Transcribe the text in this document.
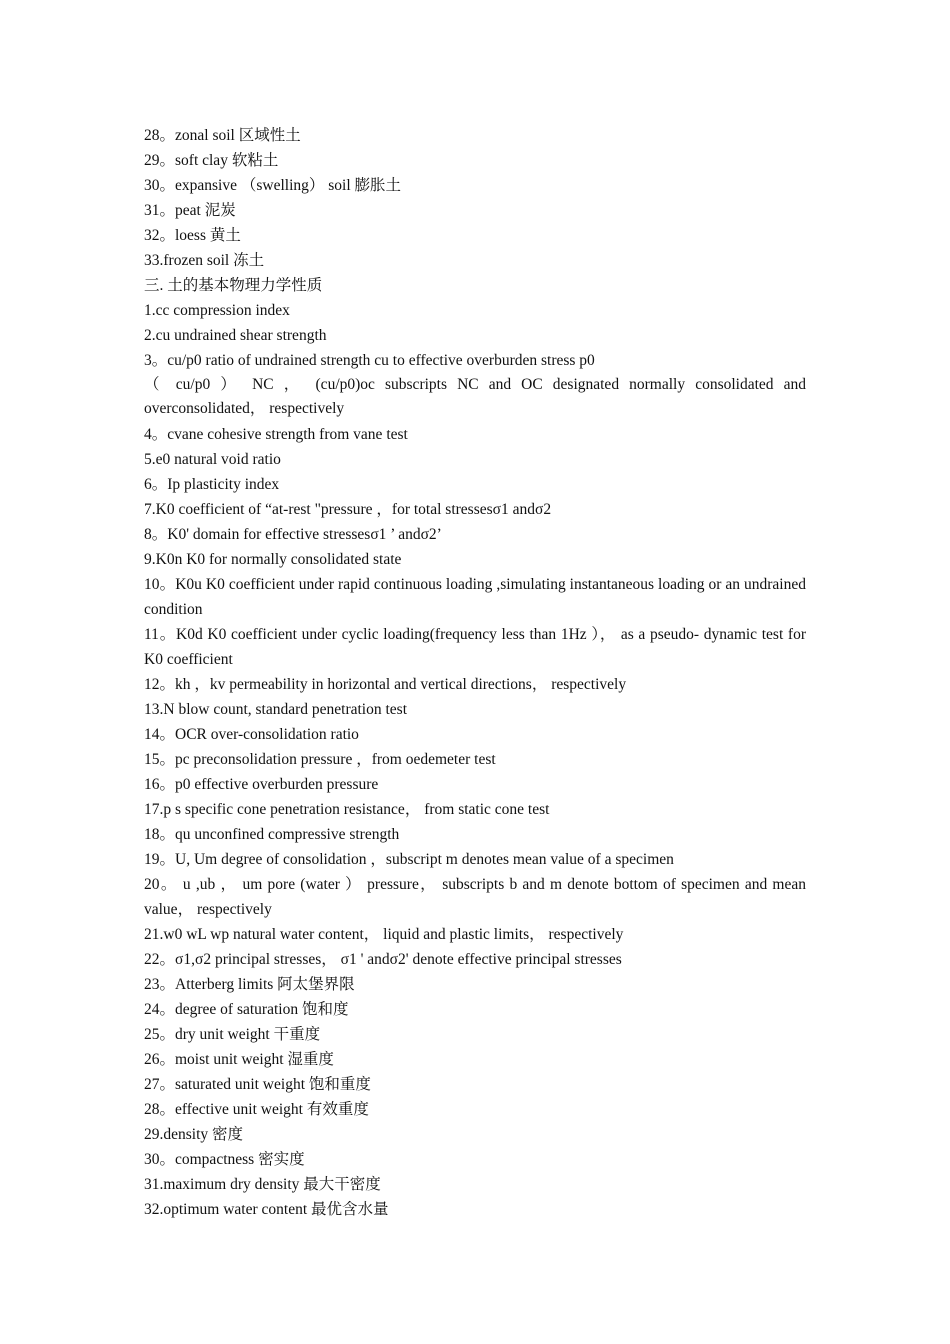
28。zonal soil 区域性土

29。soft clay 软粘土

30。expansive （swelling） soil 膨胀土

31。peat 泥炭

32。loess 黄土

33.frozen soil 冻土

三. 土的基本物理力学性质

1.cc compression index

2.cu undrained shear strength

3。cu/p0 ratio of undrained strength cu to effective overburden stress p0

（ cu/p0 ） NC ， (cu/p0)oc subscripts NC and OC designated normally consolidated and overconsolidated， respectively

4。cvane cohesive strength from vane test

5.e0 natural void ratio

6。Ip plasticity index

7.K0 coefficient of “at-rest "pressure ，for total stressesσ1 andσ2

8。K0' domain for effective stressesσ1 ’ andσ2’

9.K0n K0 for normally consolidated state

10。K0u K0 coefficient under rapid continuous loading ,simulating instantaneous loading or an undrained condition

11。K0d K0 coefficient under cyclic loading(frequency less than 1Hz ）， as a pseudo- dynamic test for K0 coefficient

12。kh ，kv permeability in horizontal and vertical directions， respectively

13.N blow count, standard penetration test

14。OCR over-consolidation ratio

15。pc preconsolidation pressure ，from oedemeter test

16。p0 effective overburden pressure

17.p s specific cone penetration resistance， from static cone test

18。qu unconfined compressive strength

19。U, Um degree of consolidation ，subscript m denotes mean value of a specimen

20。 u ,ub ， um pore (water ） pressure， subscripts b and m denote bottom of specimen and mean value， respectively

21.w0 wL wp natural water content， liquid and plastic limits， respectively

22。σ1,σ2 principal stresses， σ1 ' andσ2' denote effective principal stresses

23。Atterberg limits 阿太堡界限

24。degree of saturation 饱和度

25。dry unit weight 干重度

26。moist unit weight 湿重度

27。saturated unit weight 饱和重度

28。effective unit weight 有效重度

29.density 密度

30。compactness 密实度

31.maximum dry density 最大干密度

32.optimum water content 最优含水量
